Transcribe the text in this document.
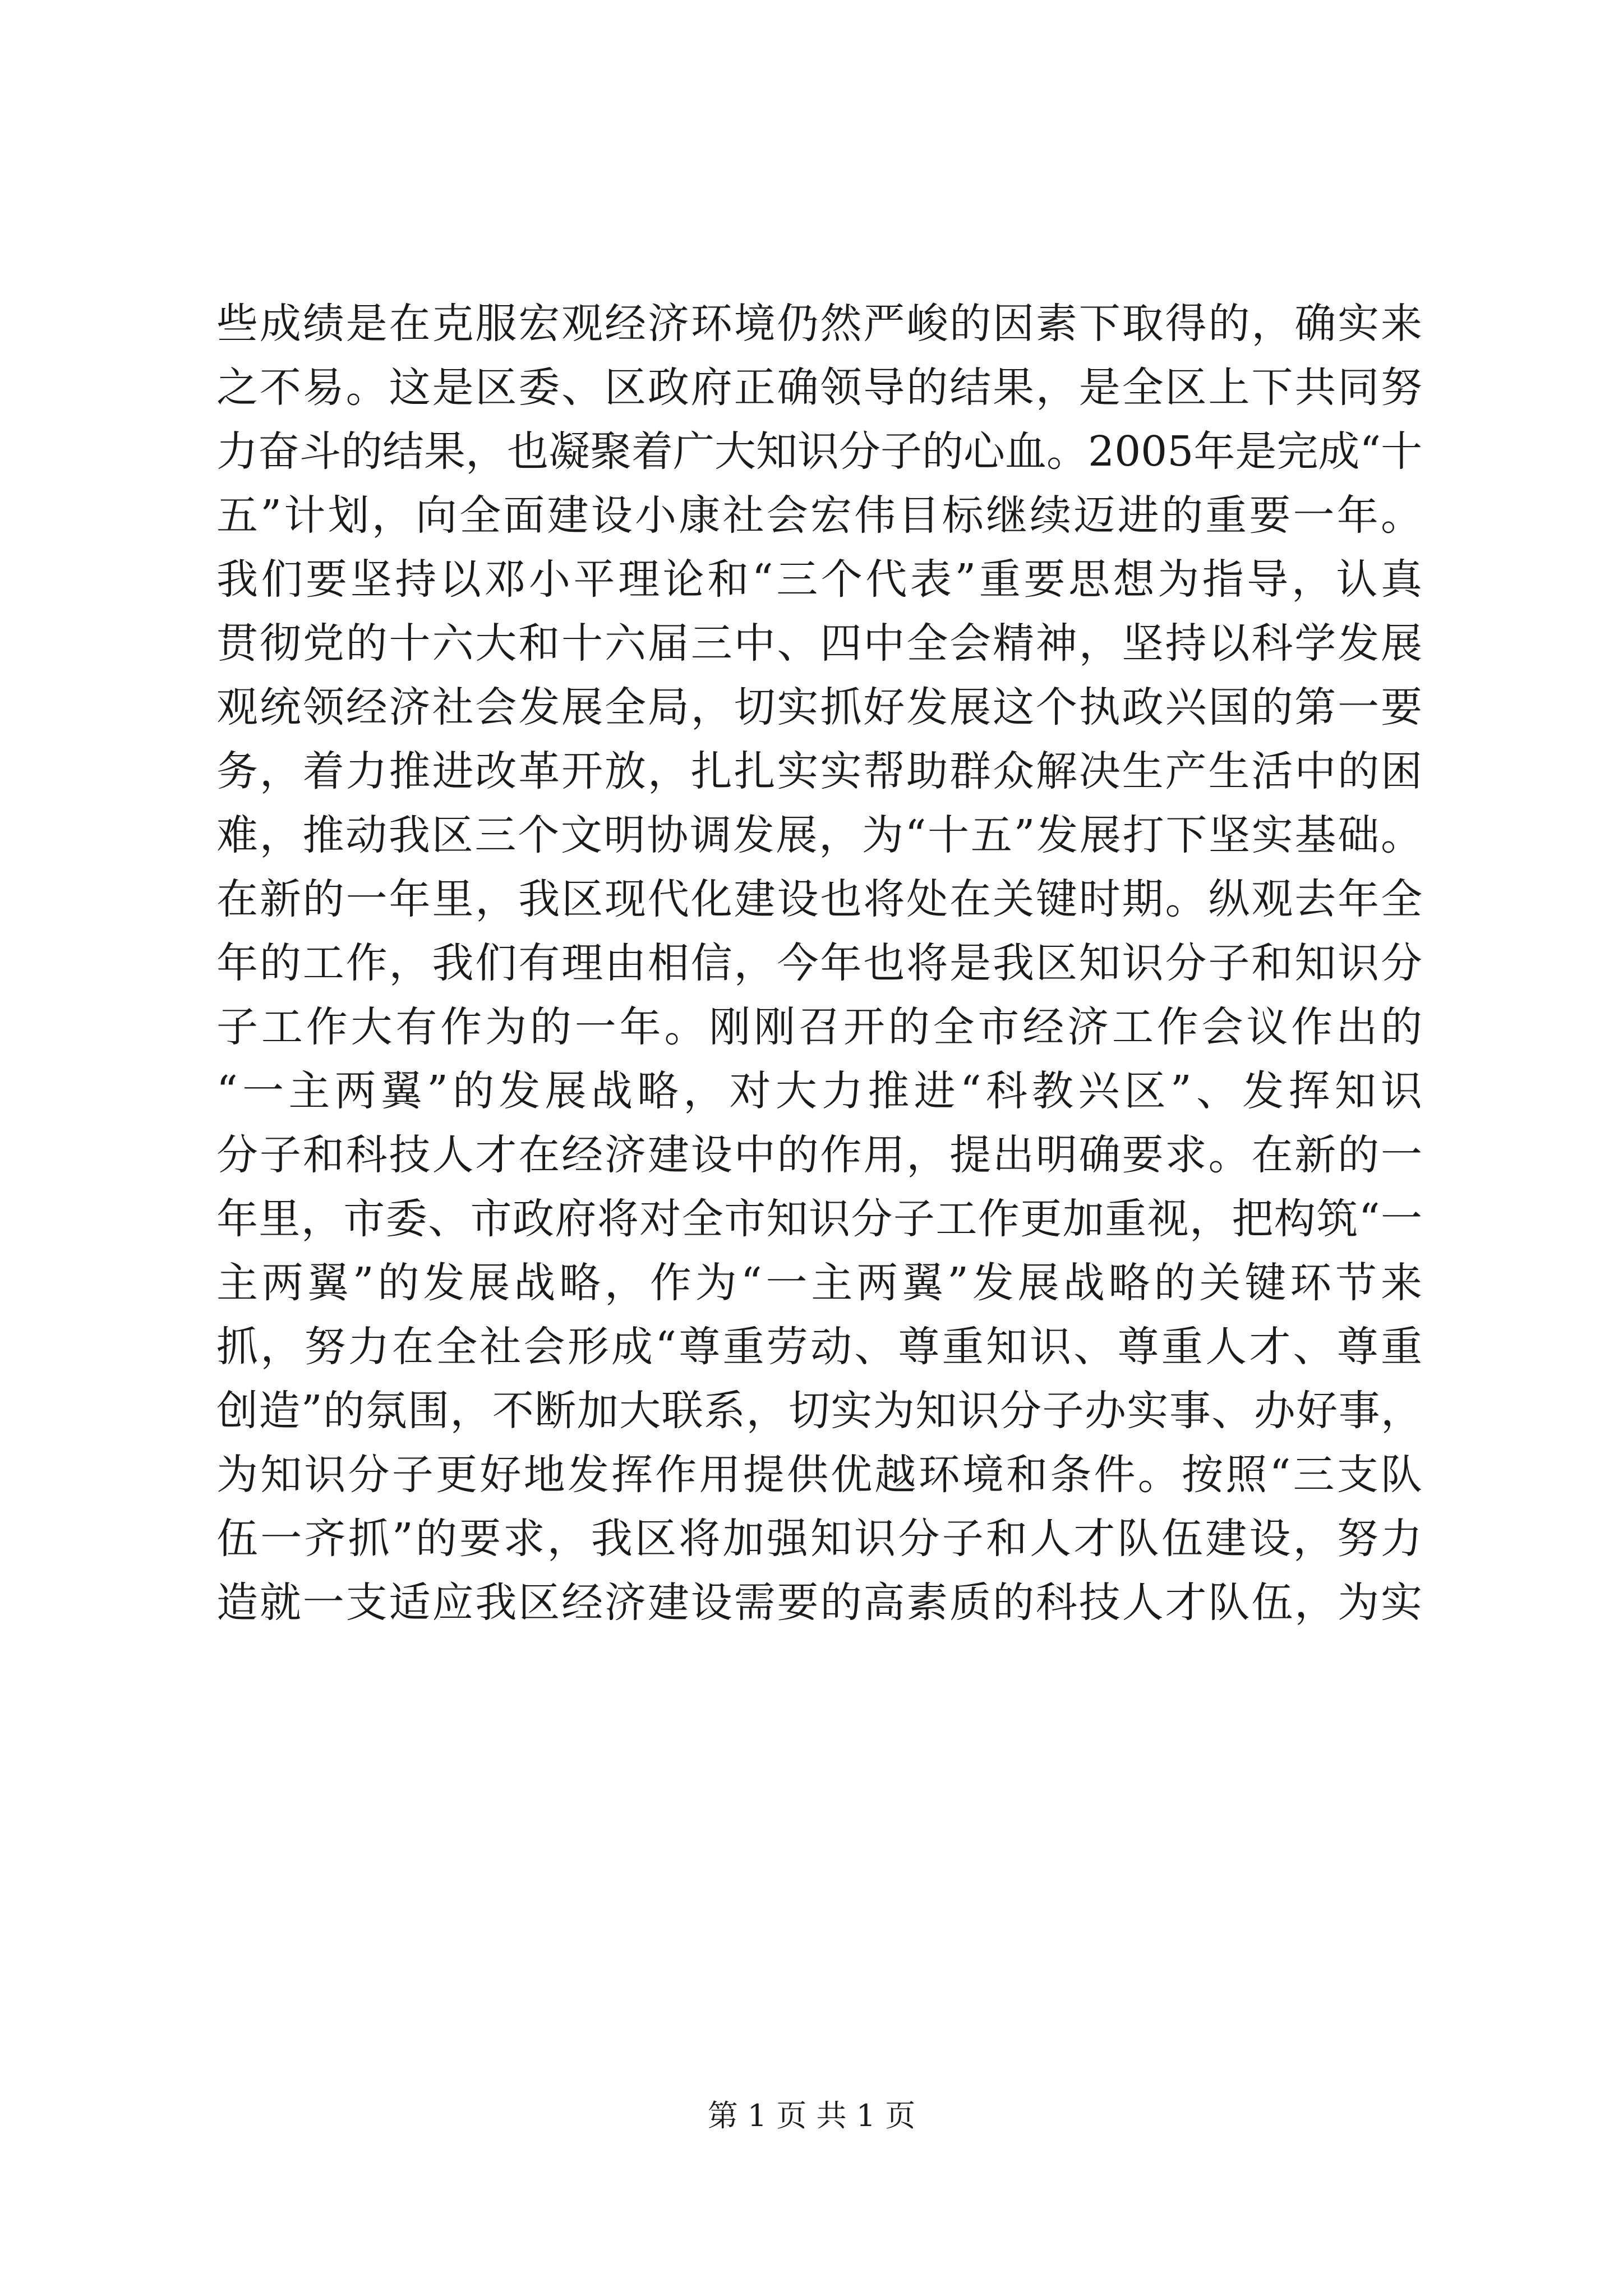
些成绩是在克服宏观经济环境仍然严峻的因素下取得的，确实来
之不易。这是区委、区政府正确领导的结果，是全区上下共同努
力奋斗的结果，也凝聚着广大知识分子的心血。2005年是完成“十
五”计划，向全面建设小康社会宏伟目标继续迈进的重要一年。
我们要坚持以邓小平理论和“三个代表”重要思想为指导，认真
贯彻党的十六大和十六届三中、四中全会精神，坚持以科学发展
观统领经济社会发展全局，切实抓好发展这个执政兴国的第一要
务，着力推进改革开放，扎扎实实帮助群众解决生产生活中的困
难，推动我区三个文明协调发展，为“十五”发展打下坚实基础。
在新的一年里，我区现代化建设也将处在关键时期。纵观去年全
年的工作，我们有理由相信，今年也将是我区知识分子和知识分
子工作大有作为的一年。刚刚召开的全市经济工作会议作出的
“一主两翼”的发展战略，对大力推进“科教兴区”、发挥知识
分子和科技人才在经济建设中的作用，提出明确要求。在新的一
年里，市委、市政府将对全市知识分子工作更加重视，把构筑“一
主两翼”的发展战略，作为“一主两翼”发展战略的关键环节来
抓，努力在全社会形成“尊重劳动、尊重知识、尊重人才、尊重
创造”的氛围，不断加大联系，切实为知识分子办实事、办好事，
为知识分子更好地发挥作用提供优越环境和条件。按照“三支队
伍一齐抓”的要求，我区将加强知识分子和人才队伍建设，努力
造就一支适应我区经济建设需要的高素质的科技人才队伍，为实
第 1 页 共 1 页
